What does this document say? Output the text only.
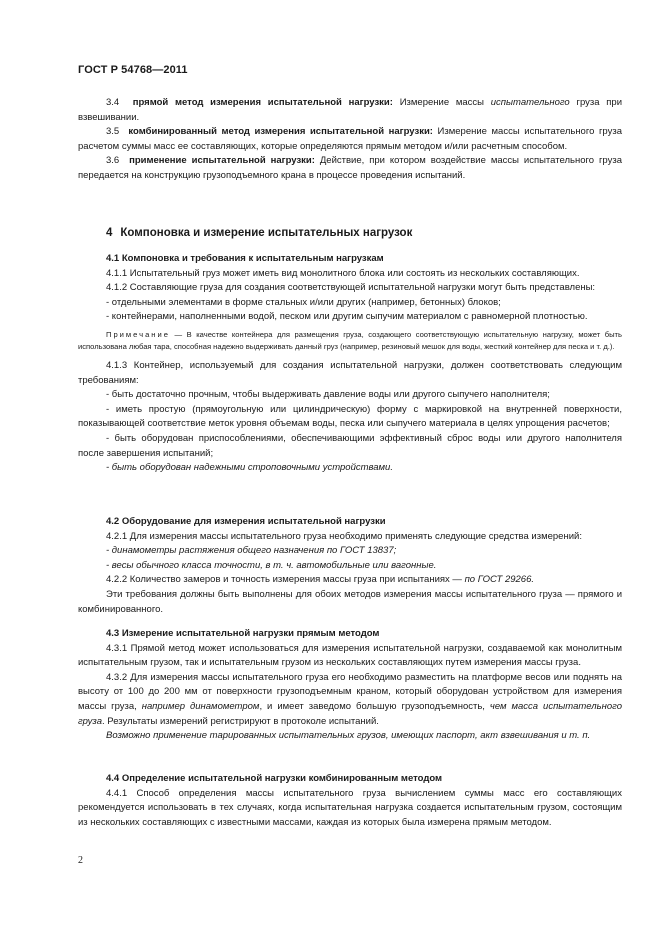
ГОСТ Р 54768—2011

3.4 прямой метод измерения испытательной нагрузки: Измерение массы испытательного груза при взвешивании.

3.5 комбинированный метод измерения испытательной нагрузки: Измерение массы испытательного груза расчетом суммы масс ее составляющих, которые определяются прямым методом и/или расчетным способом.

3.6 применение испытательной нагрузки: Действие, при котором воздействие массы испытательного груза передается на конструкцию грузоподъемного крана в процессе проведения испытаний.

4 Компоновка и измерение испытательных нагрузок

4.1 Компоновка и требования к испытательным нагрузкам

4.1.1 Испытательный груз может иметь вид монолитного блока или состоять из нескольких составляющих.

4.1.2 Составляющие груза для создания соответствующей испытательной нагрузки могут быть представлены:

- отдельными элементами в форме стальных и/или других (например, бетонных) блоков;

- контейнерами, наполненными водой, песком или другим сыпучим материалом с равномерной плотностью.

Примечание — В качестве контейнера для размещения груза, создающего соответствующую испытательную нагрузку, может быть использована любая тара, способная надежно выдерживать данный груз (например, резиновый мешок для воды, жесткий контейнер для песка и т. д.).

4.1.3 Контейнер, используемый для создания испытательной нагрузки, должен соответствовать следующим требованиям:

- быть достаточно прочным, чтобы выдерживать давление воды или другого сыпучего наполнителя;

- иметь простую (прямоугольную или цилиндрическую) форму с маркировкой на внутренней поверхности, показывающей соответствие меток уровня объемам воды, песка или сыпучего материала в целях упрощения расчетов;

- быть оборудован приспособлениями, обеспечивающими эффективный сброс воды или другого наполнителя после завершения испытаний;

- быть оборудован надежными строповочными устройствами.

4.2 Оборудование для измерения испытательной нагрузки

4.2.1 Для измерения массы испытательного груза необходимо применять следующие средства измерений:

- динамометры растяжения общего назначения по ГОСТ 13837;

- весы обычного класса точности, в т. ч. автомобильные или вагонные.

4.2.2 Количество замеров и точность измерения массы груза при испытаниях — по ГОСТ 29266.

Эти требования должны быть выполнены для обоих методов измерения массы испытательного груза — прямого и комбинированного.

4.3 Измерение испытательной нагрузки прямым методом

4.3.1 Прямой метод может использоваться для измерения испытательной нагрузки, создаваемой как монолитным испытательным грузом, так и испытательным грузом из нескольких составляющих путем измерения массы груза.

4.3.2 Для измерения массы испытательного груза его необходимо разместить на платформе весов или поднять на высоту от 100 до 200 мм от поверхности грузоподъемным краном, который оборудован устройством для измерения массы груза, например динамометром, и имеет заведомо большую грузоподъемность, чем масса испытательного груза. Результаты измерений регистрируют в протоколе испытаний.

Возможно применение тарированных испытательных грузов, имеющих паспорт, акт взвешивания и т. п.

4.4 Определение испытательной нагрузки комбинированным методом

4.4.1 Способ определения массы испытательного груза вычислением суммы масс его составляющих рекомендуется использовать в тех случаях, когда испытательная нагрузка создается испытательным грузом, состоящим из нескольких составляющих с известными массами, каждая из которых была измерена прямым методом.

2
